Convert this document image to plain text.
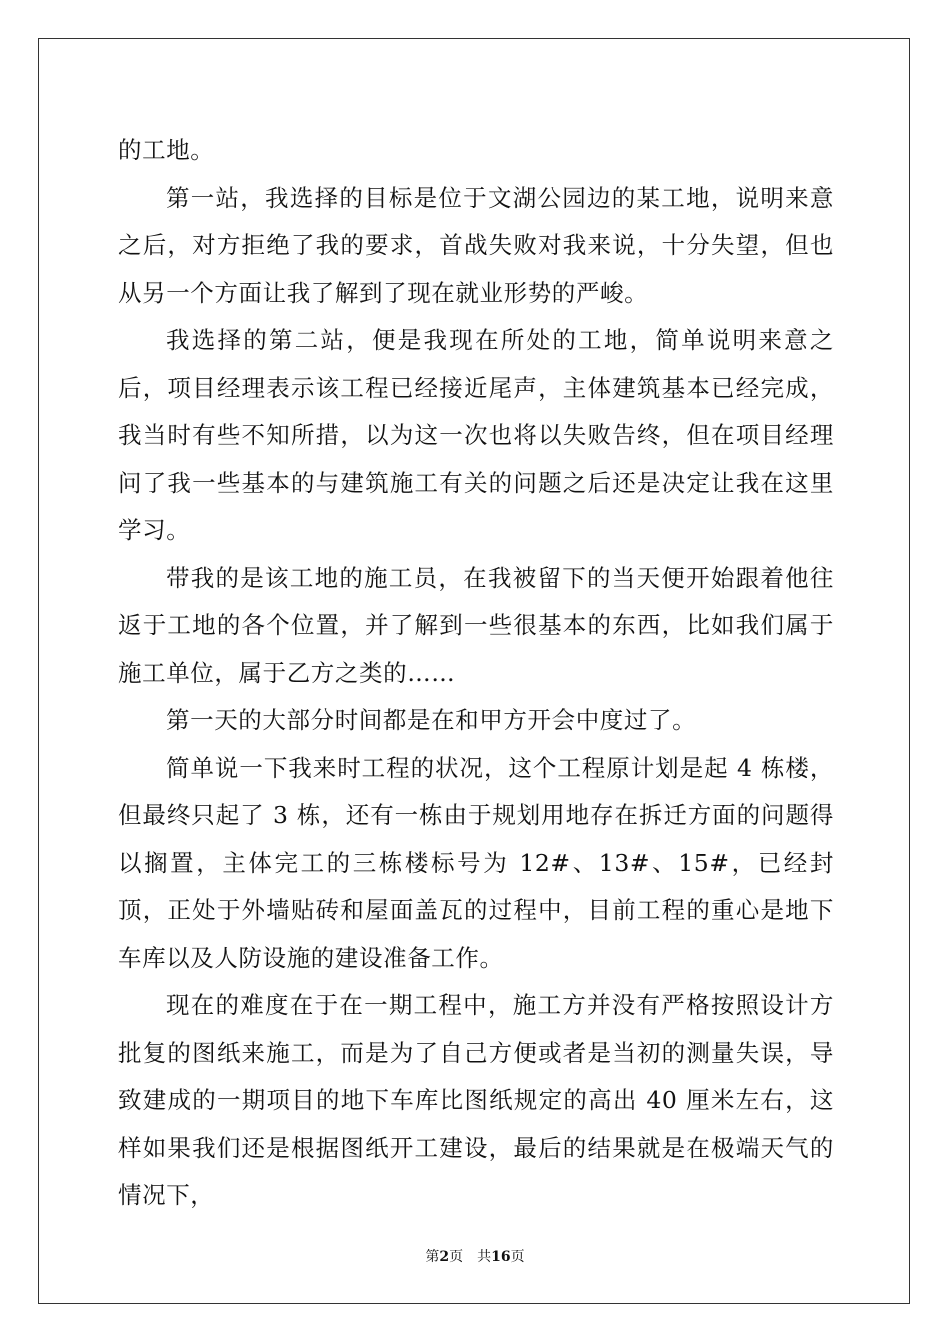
的工地。

第一站，我选择的目标是位于文湖公园边的某工地，说明来意之后，对方拒绝了我的要求，首战失败对我来说，十分失望，但也从另一个方面让我了解到了现在就业形势的严峻。

我选择的第二站，便是我现在所处的工地，简单说明来意之后，项目经理表示该工程已经接近尾声，主体建筑基本已经完成，我当时有些不知所措，以为这一次也将以失败告终，但在项目经理问了我一些基本的与建筑施工有关的问题之后还是决定让我在这里学习。

带我的是该工地的施工员，在我被留下的当天便开始跟着他往返于工地的各个位置，并了解到一些很基本的东西，比如我们属于施工单位，属于乙方之类的……

第一天的大部分时间都是在和甲方开会中度过了。

简单说一下我来时工程的状况，这个工程原计划是起 4 栋楼，但最终只起了 3 栋，还有一栋由于规划用地存在拆迁方面的问题得以搁置，主体完工的三栋楼标号为 12#、13#、15#，已经封顶，正处于外墙贴砖和屋面盖瓦的过程中，目前工程的重心是地下车库以及人防设施的建设准备工作。

现在的难度在于在一期工程中，施工方并没有严格按照设计方批复的图纸来施工，而是为了自己方便或者是当初的测量失误，导致建成的一期项目的地下车库比图纸规定的高出 40 厘米左右，这样如果我们还是根据图纸开工建设，最后的结果就是在极端天气的情况下，

第2页 共16页
